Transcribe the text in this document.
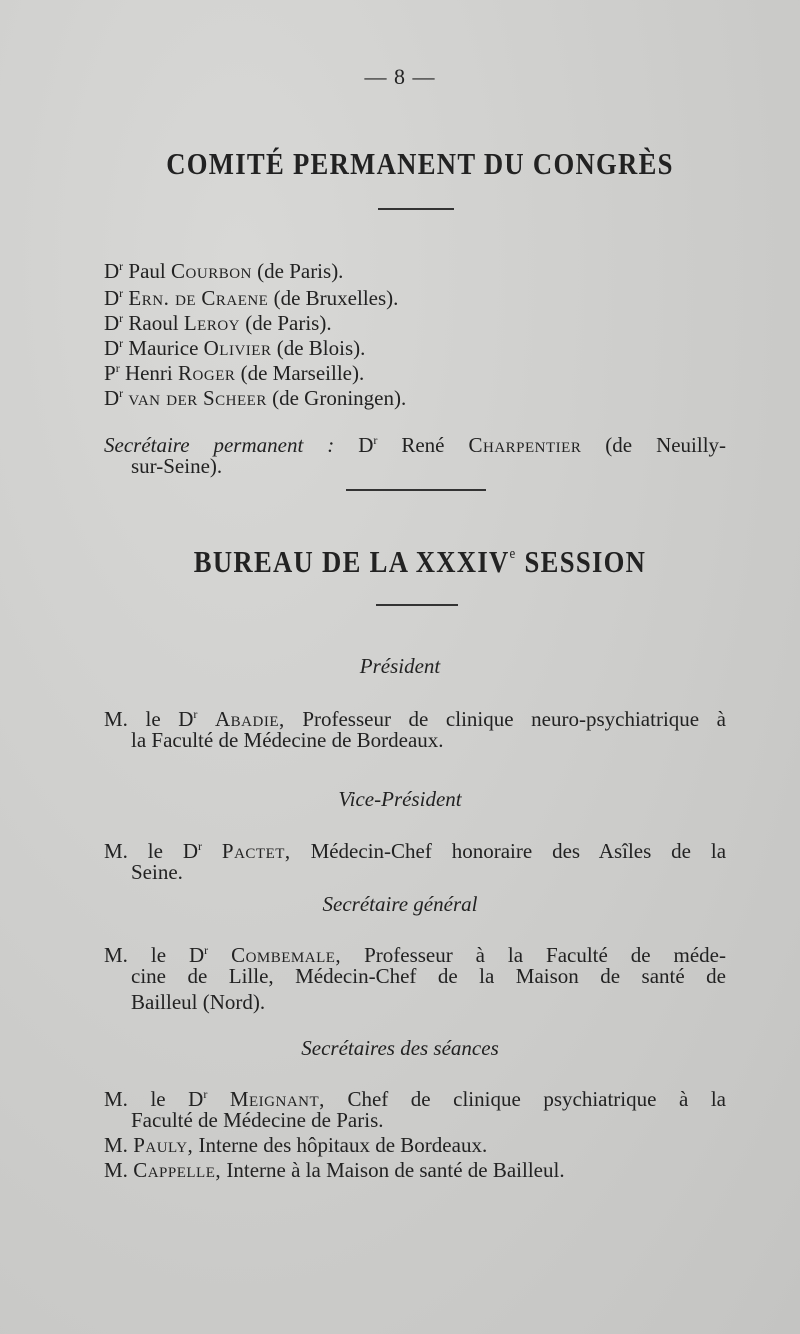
— 8 —
COMITÉ PERMANENT DU CONGRÈS
$D^r$ Paul Courbon (de Paris).
$D^r$ Ern. de Craene (de Bruxelles).
$D^r$ Raoul Leroy (de Paris).
$D^r$ Maurice Olivier (de Blois).
$P^r$ Henri Roger (de Marseille).
$D^r$ van der Scheer (de Groningen).
Secrétaire permanent : $D^r$ René Charpentier (de Neuilly-
sur-Seine).
BUREAU DE LA XXXIVe SESSION
Président
M. le $D^r$ Abadie, Professeur de clinique neuro-psychiatrique à
la Faculté de Médecine de Bordeaux.
Vice-Président
M. le $D^r$ Pactet, Médecin-Chef honoraire des Asîles de la
Seine.
Secrétaire général
M. le $D^r$ Combemale, Professeur à la Faculté de méde-
cine de Lille, Médecin-Chef de la Maison de santé de
Bailleul (Nord).
Secrétaires des séances
M. le $D^r$ Meignant, Chef de clinique psychiatrique à la
Faculté de Médecine de Paris.
M. Pauly, Interne des hôpitaux de Bordeaux.
M. Cappelle, Interne à la Maison de santé de Bailleul.
